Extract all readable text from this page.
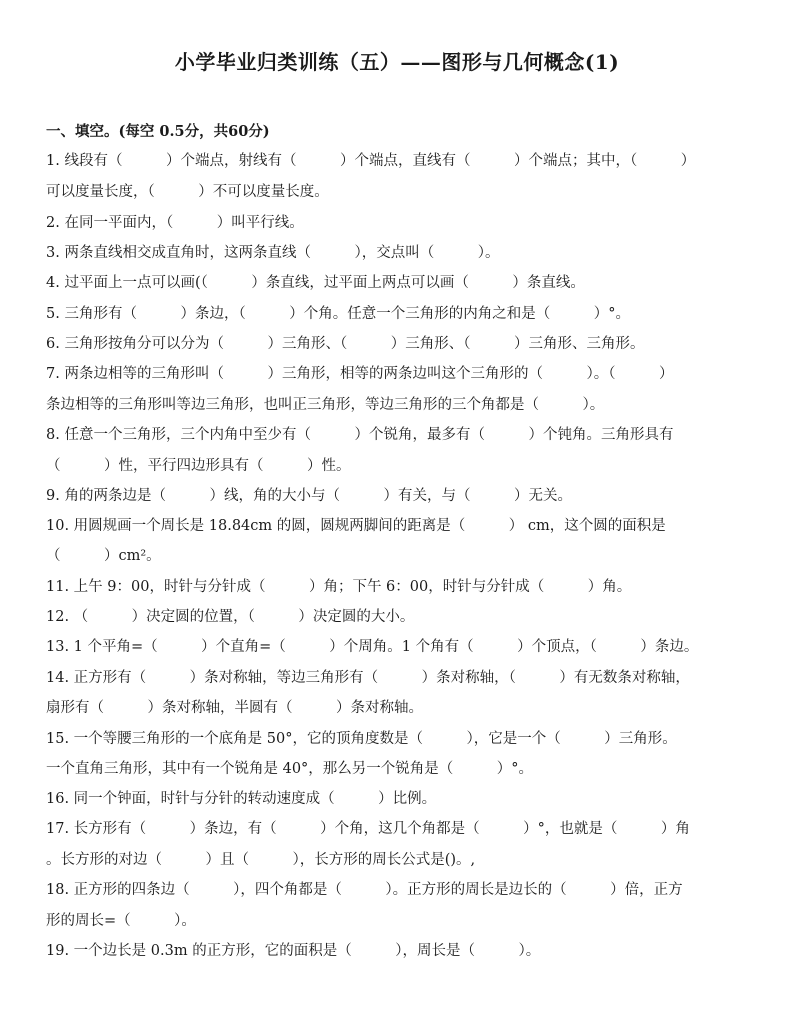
小学毕业归类训练（五）——图形与几何概念(1)
一、填空。(每空 0.5分，共60分)
1. 线段有（　　　）个端点，射线有（　　　）个端点，直线有（　　　）个端点；其中，（　　　）
可以度量长度，（　　　）不可以度量长度。
2. 在同一平面内，（　　　）叫平行线。
3. 两条直线相交成直角时，这两条直线（　　　），交点叫（　　　）。
4. 过平面上一点可以画(（　　　）条直线，过平面上两点可以画（　　　）条直线。
5. 三角形有（　　　）条边，（　　　）个角。任意一个三角形的内角之和是（　　　）°。
6. 三角形按角分可以分为（　　　）三角形、（　　　）三角形、（　　　）三角形、三角形。
7. 两条边相等的三角形叫（　　　）三角形，相等的两条边叫这个三角形的（　　　）。（　　　）
条边相等的三角形叫等边三角形，也叫正三角形，等边三角形的三个角都是（　　　）。
8. 任意一个三角形，三个内角中至少有（　　　）个锐角，最多有（　　　）个钝角。三角形具有
（　　　）性，平行四边形具有（　　　）性。
9. 角的两条边是（　　　）线，角的大小与（　　　）有关，与（　　　）无关。
10. 用圆规画一个周长是 18.84cm 的圆，圆规两脚间的距离是（　　　） cm，这个圆的面积是
（　　　）cm²。
11. 上午 9：00，时针与分针成（　　　）角；下午 6：00，时针与分针成（　　　）角。
12. （　　　）决定圆的位置，（　　　）决定圆的大小。
13. 1 个平角=（　　　）个直角=（　　　）个周角。1 个角有（　　　）个顶点，（　　　）条边。
14. 正方形有（　　　）条对称轴，等边三角形有（　　　）条对称轴，（　　　）有无数条对称轴，
扇形有（　　　）条对称轴，半圆有（　　　）条对称轴。
15. 一个等腰三角形的一个底角是 50°，它的顶角度数是（　　　），它是一个（　　　）三角形。
一个直角三角形，其中有一个锐角是 40°，那么另一个锐角是（　　　）°。
16. 同一个钟面，时针与分针的转动速度成（　　　）比例。
17. 长方形有（　　　）条边，有（　　　）个角，这几个角都是（　　　）°，也就是（　　　）角
。长方形的对边（　　　）且（　　　），长方形的周长公式是()。,
18. 正方形的四条边（　　　），四个角都是（　　　）。正方形的周长是边长的（　　　）倍，正方
形的周长=（　　　）。
19. 一个边长是 0.3m 的正方形，它的面积是（　　　），周长是（　　　）。
